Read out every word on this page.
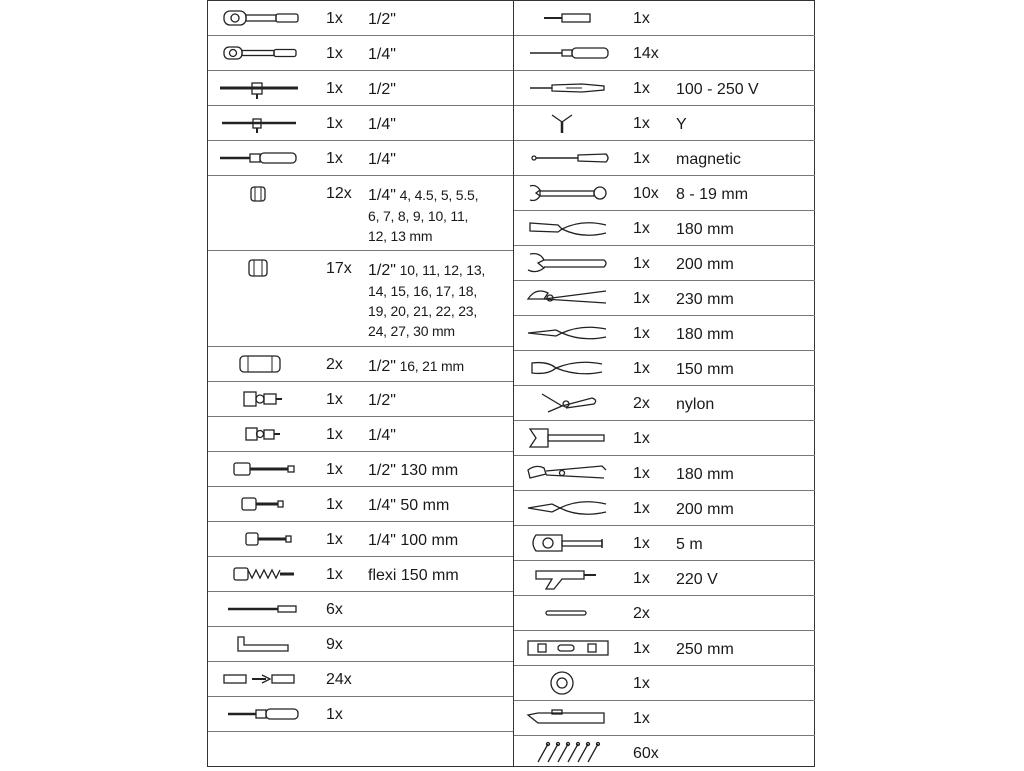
1x 1/2"
1x 1/4"
1x 1/2"
1x 1/4"
1x 1/4"
12x 1/4" 4, 4.5, 5, 5.5,
6, 7, 8, 9, 10, 11,
12, 13 mm
17x 1/2" 10, 11, 12, 13,
14, 15, 16, 17, 18,
19, 20, 21, 22, 23,
24, 27, 30 mm
2x 1/2" 16, 21 mm
1x 1/2"
1x 1/4"
1x 1/2" 130 mm
1x 1/4" 50 mm
1x 1/4" 100 mm
1x flexi 150 mm
6x
9x
24x
1x
1x
14x
1x 100 - 250 V
1x Y
1x magnetic
10x 8 - 19 mm
1x 180 mm
1x 200 mm
1x 230 mm
1x 180 mm
1x 150 mm
2x nylon
1x
1x 180 mm
1x 200 mm
1x 5 m
1x 220 V
2x
1x 250 mm
1x
1x
60x
